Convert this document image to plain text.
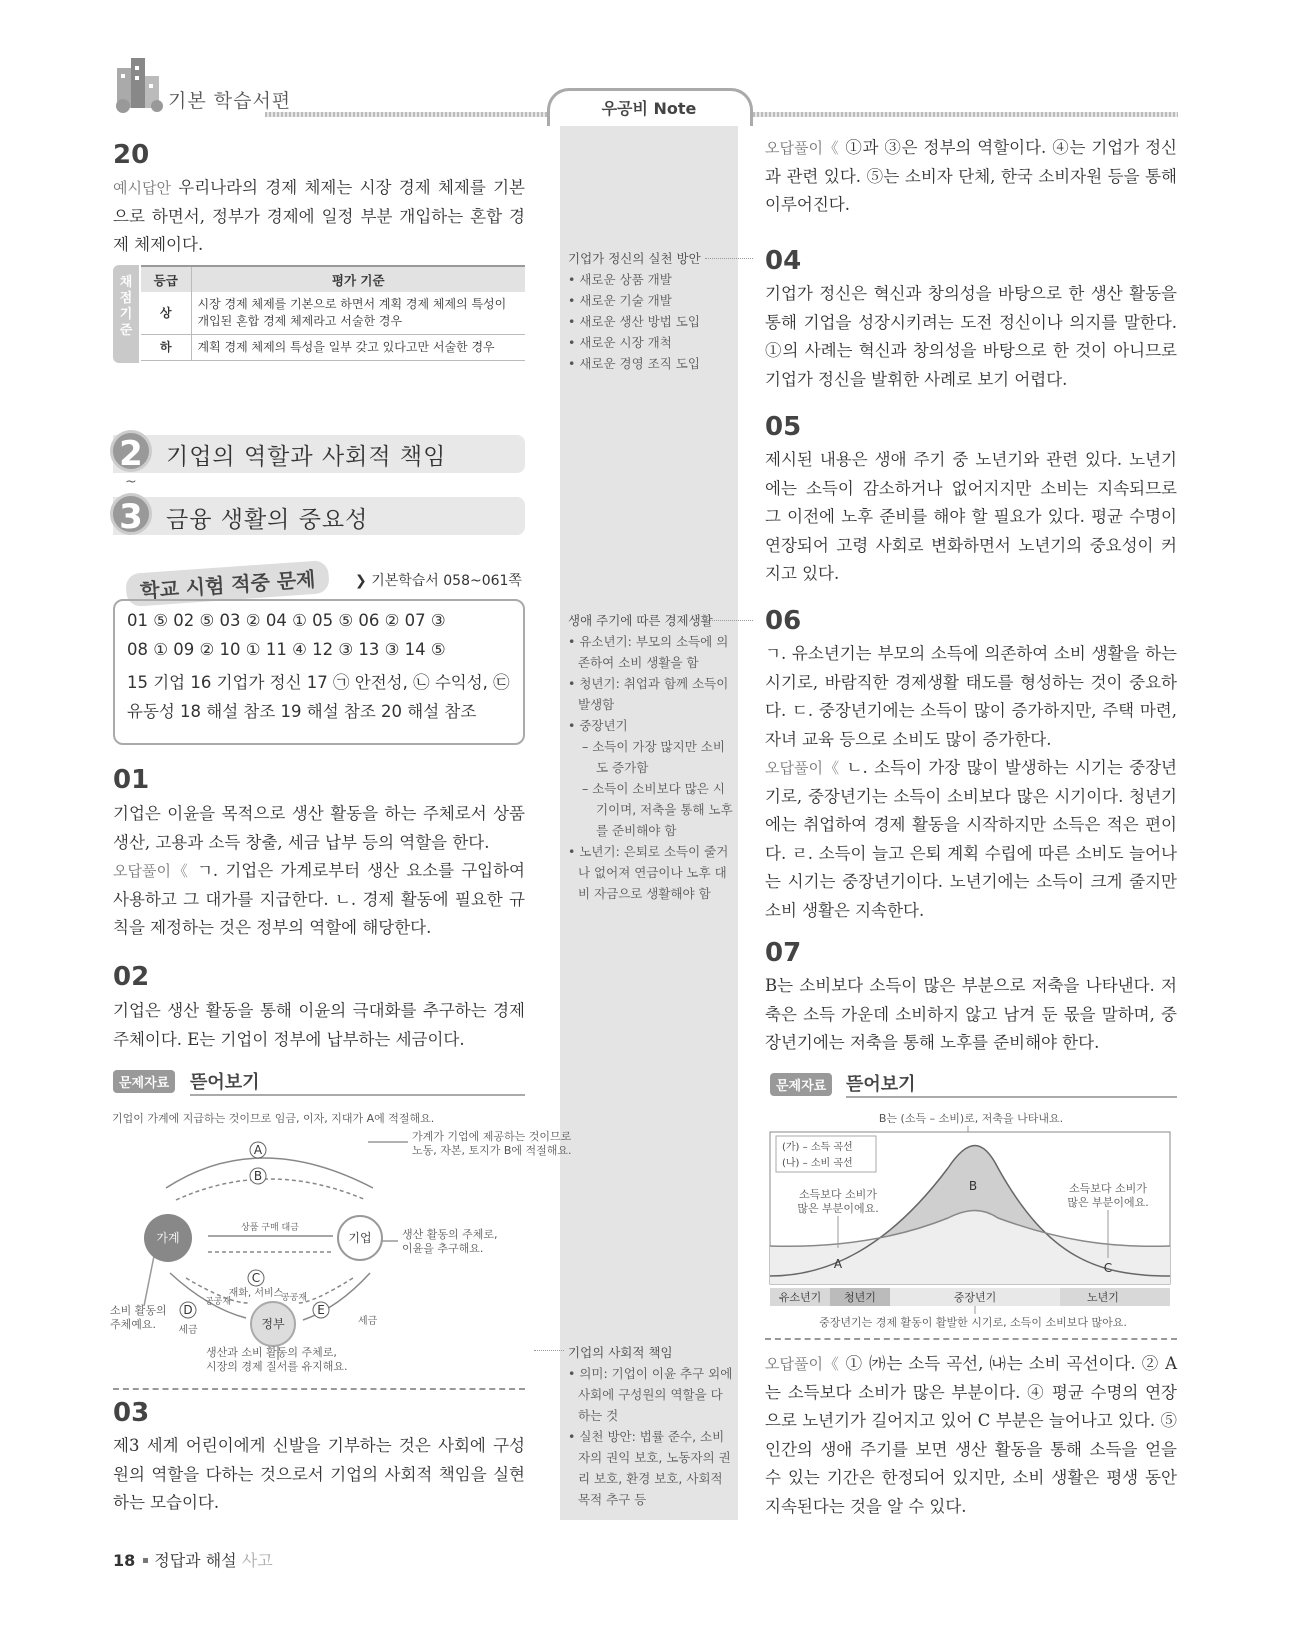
기본 학습서편	우공비 Note
기업가 정신의 실천 방안
• 새로운 상품 개발
• 새로운 기술 개발
• 새로운 생산 방법 도입
• 새로운 시장 개척
• 새로운 경영 조직 도입
생애 주기에 따른 경제생활
• 유소년기: 부모의 소득에 의존하여 소비 생활을 함
• 청년기: 취업과 함께 소득이 발생함
• 중장년기
– 소득이 가장 많지만 소비도 증가함
– 소득이 소비보다 많은 시기이며, 저축을 통해 노후를 준비해야 함
• 노년기: 은퇴로 소득이 줄거나 없어져 연금이나 노후 대비 자금으로 생활해야 함
기업의 사회적 책임
• 의미: 기업이 이윤 추구 외에 사회에 구성원의 역할을 다하는 것
• 실천 방안: 법률 준수, 소비자의 권익 보호, 노동자의 권리 보호, 환경 보호, 사회적 목적 추구 등
20
예시답안 우리나라의 경제 체제는 시장 경제 체제를 기본으로 하면서, 정부가 경제에 일정 부분 개입하는 혼합 경제 체제이다.
채점기준
등급	평가 기준
상	시장 경제 체제를 기본으로 하면서 계획 경제 체제의 특성이 개입된 혼합 경제 체제라고 서술한 경우
하	계획 경제 체제의 특성을 일부 갖고 있다고만 서술한 경우
2	기업의 역할과 사회적 책임
~
3	금융 생활의 중요성
학교 시험 적중 문제	❯ 기본학습서 058~061쪽
01 ⑤ 02 ⑤ 03 ② 04 ① 05 ⑤ 06 ② 07 ③
08 ① 09 ② 10 ① 11 ④ 12 ③ 13 ③ 14 ⑤
15 기업 16 기업가 정신 17 ㉠ 안전성, ㉡ 수익성, ㉢
유동성 18 해설 참조 19 해설 참조 20 해설 참조
01
기업은 이윤을 목적으로 생산 활동을 하는 주체로서 상품 생산, 고용과 소득 창출, 세금 납부 등의 역할을 한다.
오답풀이《 ㄱ. 기업은 가계로부터 생산 요소를 구입하여 사용하고 그 대가를 지급한다. ㄴ. 경제 활동에 필요한 규칙을 제정하는 것은 정부의 역할에 해당한다.
02
기업은 생산 활동을 통해 이윤의 극대화를 추구하는 경제 주체이다. E는 기업이 정부에 납부하는 세금이다.
문제자료	뜯어보기
기업이 가계에 지급하는 것이므로 임금, 이자, 지대가 A에 적절해요.
가계	기업
정부
A
B
C
D	E
가계가 기업에 제공하는 것이므로
노동, 자본, 토지가 B에 적절해요.
상품 구매 대금
재화, 서비스
공공재	공공재
생산 활동의 주체로,
이윤을 추구해요.
소비 활동의
주체예요. 세금
세금
생산과 소비 활동의 주체로,
시장의 경제 질서를 유지해요.
03
제3 세계 어린이에게 신발을 기부하는 것은 사회에 구성원의 역할을 다하는 것으로서 기업의 사회적 책임을 실현하는 모습이다.
오답풀이《 ①과 ③은 정부의 역할이다. ④는 기업가 정신과 관련 있다. ⑤는 소비자 단체, 한국 소비자원 등을 통해 이루어진다.
04
기업가 정신은 혁신과 창의성을 바탕으로 한 생산 활동을 통해 기업을 성장시키려는 도전 정신이나 의지를 말한다. ①의 사례는 혁신과 창의성을 바탕으로 한 것이 아니므로 기업가 정신을 발휘한 사례로 보기 어렵다.
05
제시된 내용은 생애 주기 중 노년기와 관련 있다. 노년기에는 소득이 감소하거나 없어지지만 소비는 지속되므로 그 이전에 노후 준비를 해야 할 필요가 있다. 평균 수명이 연장되어 고령 사회로 변화하면서 노년기의 중요성이 커지고 있다.
06
ㄱ. 유소년기는 부모의 소득에 의존하여 소비 생활을 하는 시기로, 바람직한 경제생활 태도를 형성하는 것이 중요하다. ㄷ. 중장년기에는 소득이 많이 증가하지만, 주택 마련, 자녀 교육 등으로 소비도 많이 증가한다.
오답풀이《 ㄴ. 소득이 가장 많이 발생하는 시기는 중장년기로, 중장년기는 소득이 소비보다 많은 시기이다. 청년기에는 취업하여 경제 활동을 시작하지만 소득은 적은 편이다. ㄹ. 소득이 늘고 은퇴 계획 수립에 따른 소비도 늘어나는 시기는 중장년기이다. 노년기에는 소득이 크게 줄지만 소비 생활은 지속한다.
07
B는 소비보다 소득이 많은 부분으로 저축을 나타낸다. 저축은 소득 가운데 소비하지 않고 남겨 둔 몫을 말하며, 중장년기에는 저축을 통해 노후를 준비해야 한다.
문제자료	뜯어보기
B는 (소득 – 소비)로, 저축을 나타내요.
(가) – 소득 곡선
(나) – 소비 곡선
소득보다 소비가
많은 부분이에요.
소득보다 소비가
많은 부분이에요.
A
B
C
유소년기 청년기	중장년기	노년기
중장년기는 경제 활동이 활발한 시기로, 소득이 소비보다 많아요.
오답풀이《 ① ㈎는 소득 곡선, ㈏는 소비 곡선이다. ② A는 소득보다 소비가 많은 부분이다. ④ 평균 수명의 연장으로 노년기가 길어지고 있어 C 부분은 늘어나고 있다. ⑤ 인간의 생애 주기를 보면 생산 활동을 통해 소득을 얻을 수 있는 기간은 한정되어 있지만, 소비 생활은 평생 동안 지속된다는 것을 알 수 있다.
18 정답과 해설 사고
